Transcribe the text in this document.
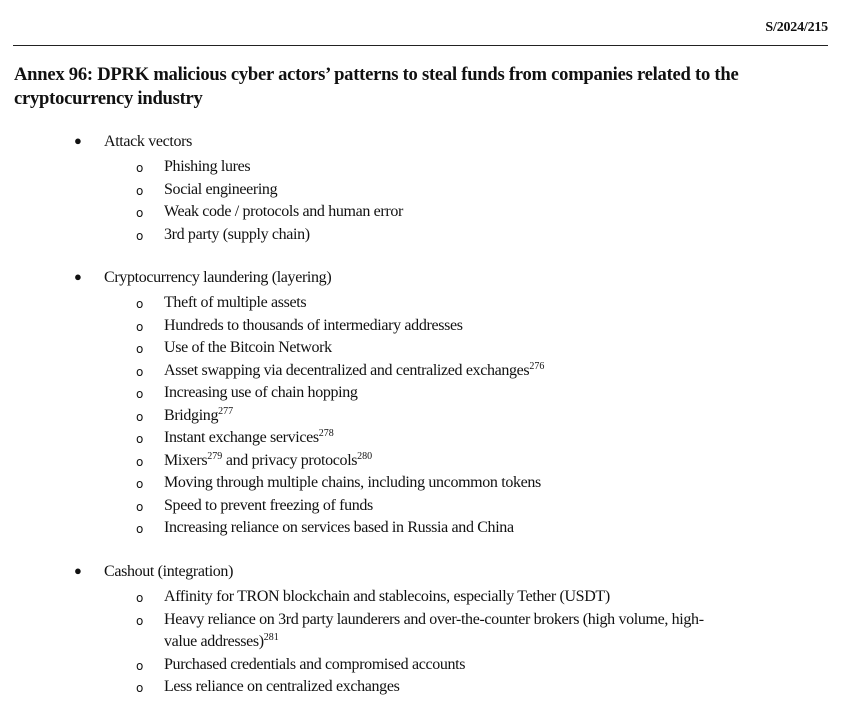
S/2024/215
Annex 96: DPRK malicious cyber actors’ patterns to steal funds from companies related to the cryptocurrency industry
●	Attack vectors
o	Phishing lures
o	Social engineering
o	Weak code / protocols and human error
o	3rd party (supply chain)
●	Cryptocurrency laundering (layering)
o	Theft of multiple assets
o	Hundreds to thousands of intermediary addresses
o	Use of the Bitcoin Network
o	Asset swapping via decentralized and centralized exchanges$^{276}$
o	Increasing use of chain hopping
o	Bridging$^{277}$
o	Instant exchange services$^{278}$
o	Mixers$^{279}$ and privacy protocols$^{280}$
o	Moving through multiple chains, including uncommon tokens
o	Speed to prevent freezing of funds
o	Increasing reliance on services based in Russia and China
●	Cashout (integration)
o	Affinity for TRON blockchain and stablecoins, especially Tether (USDT)
o	Heavy reliance on 3rd party launderers and over-the-counter brokers (high volume, high-value addresses)$^{281}$
o	Purchased credentials and compromised accounts
o	Less reliance on centralized exchanges
